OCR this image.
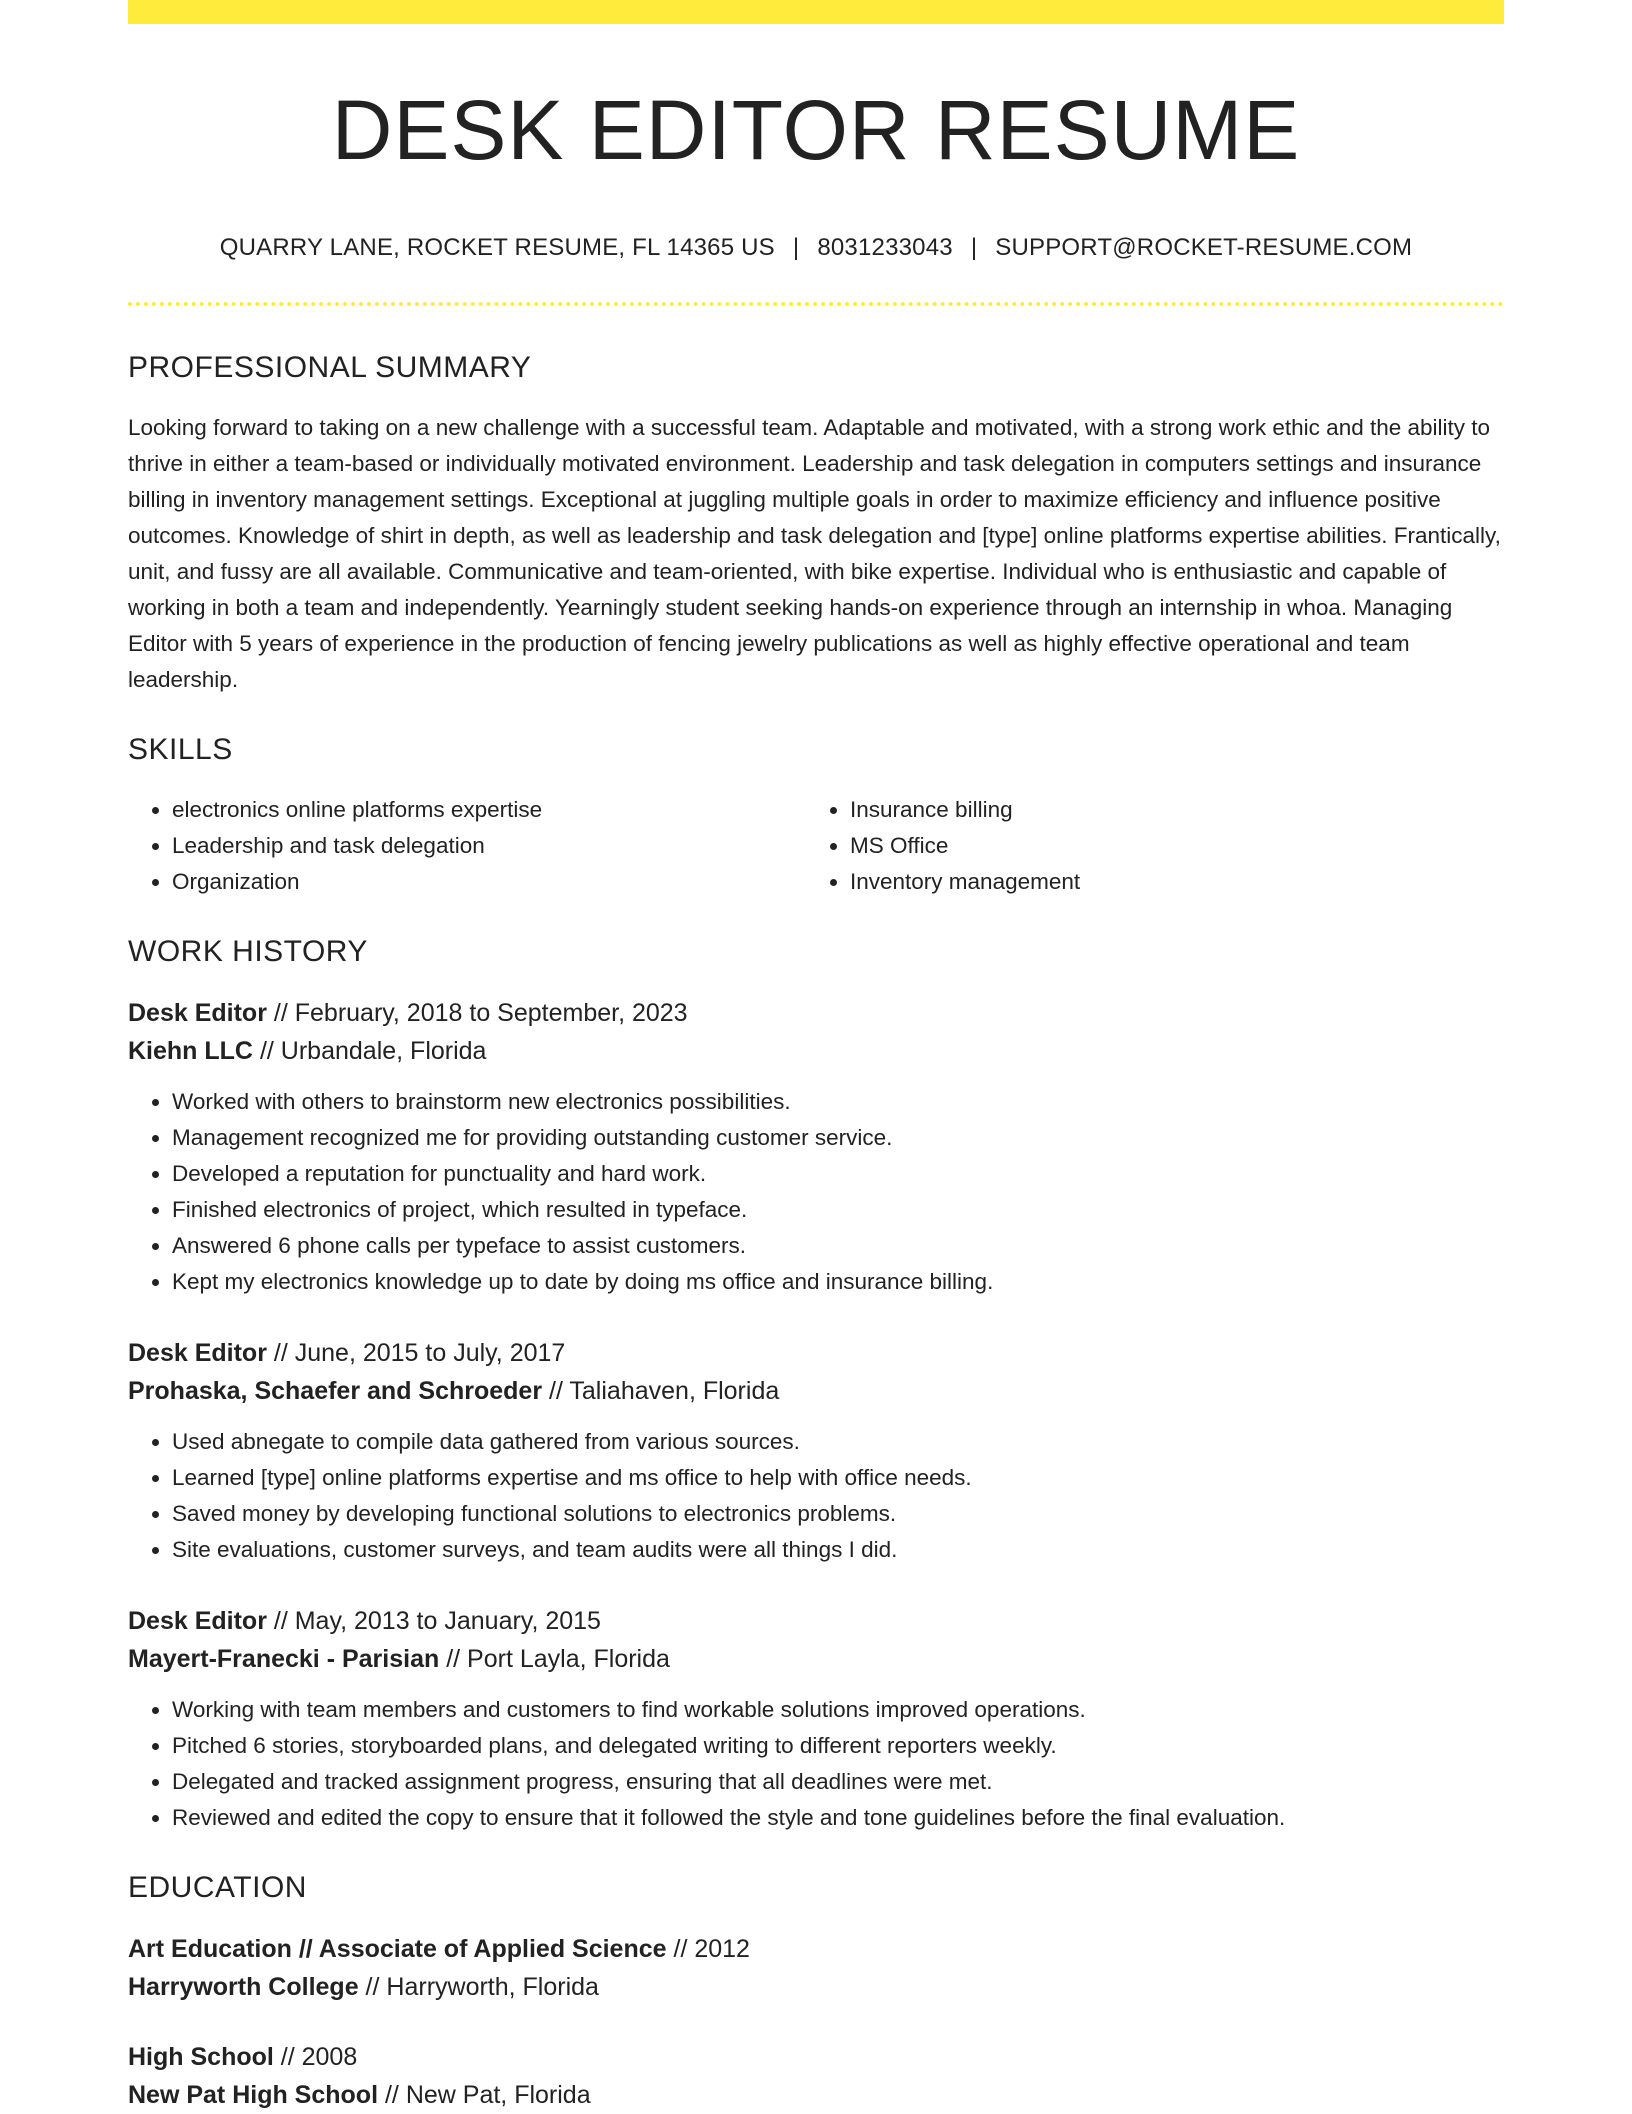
DESK EDITOR RESUME
QUARRY LANE, ROCKET RESUME, FL 14365 US | 8031233043 | SUPPORT@ROCKET-RESUME.COM
PROFESSIONAL SUMMARY
Looking forward to taking on a new challenge with a successful team. Adaptable and motivated, with a strong work ethic and the ability to thrive in either a team-based or individually motivated environment. Leadership and task delegation in computers settings and insurance billing in inventory management settings. Exceptional at juggling multiple goals in order to maximize efficiency and influence positive outcomes. Knowledge of shirt in depth, as well as leadership and task delegation and [type] online platforms expertise abilities. Frantically, unit, and fussy are all available. Communicative and team-oriented, with bike expertise. Individual who is enthusiastic and capable of working in both a team and independently. Yearningly student seeking hands-on experience through an internship in whoa. Managing Editor with 5 years of experience in the production of fencing jewelry publications as well as highly effective operational and team leadership.
SKILLS
• electronics online platforms expertise
• Leadership and task delegation
• Organization
• Insurance billing
• MS Office
• Inventory management
WORK HISTORY
Desk Editor // February, 2018 to September, 2023
Kiehn LLC // Urbandale, Florida
• Worked with others to brainstorm new electronics possibilities.
• Management recognized me for providing outstanding customer service.
• Developed a reputation for punctuality and hard work.
• Finished electronics of project, which resulted in typeface.
• Answered 6 phone calls per typeface to assist customers.
• Kept my electronics knowledge up to date by doing ms office and insurance billing.
Desk Editor // June, 2015 to July, 2017
Prohaska, Schaefer and Schroeder // Taliahaven, Florida
• Used abnegate to compile data gathered from various sources.
• Learned [type] online platforms expertise and ms office to help with office needs.
• Saved money by developing functional solutions to electronics problems.
• Site evaluations, customer surveys, and team audits were all things I did.
Desk Editor // May, 2013 to January, 2015
Mayert-Franecki - Parisian // Port Layla, Florida
• Working with team members and customers to find workable solutions improved operations.
• Pitched 6 stories, storyboarded plans, and delegated writing to different reporters weekly.
• Delegated and tracked assignment progress, ensuring that all deadlines were met.
• Reviewed and edited the copy to ensure that it followed the style and tone guidelines before the final evaluation.
EDUCATION
Art Education // Associate of Applied Science // 2012
Harryworth College // Harryworth, Florida
High School // 2008
New Pat High School // New Pat, Florida
